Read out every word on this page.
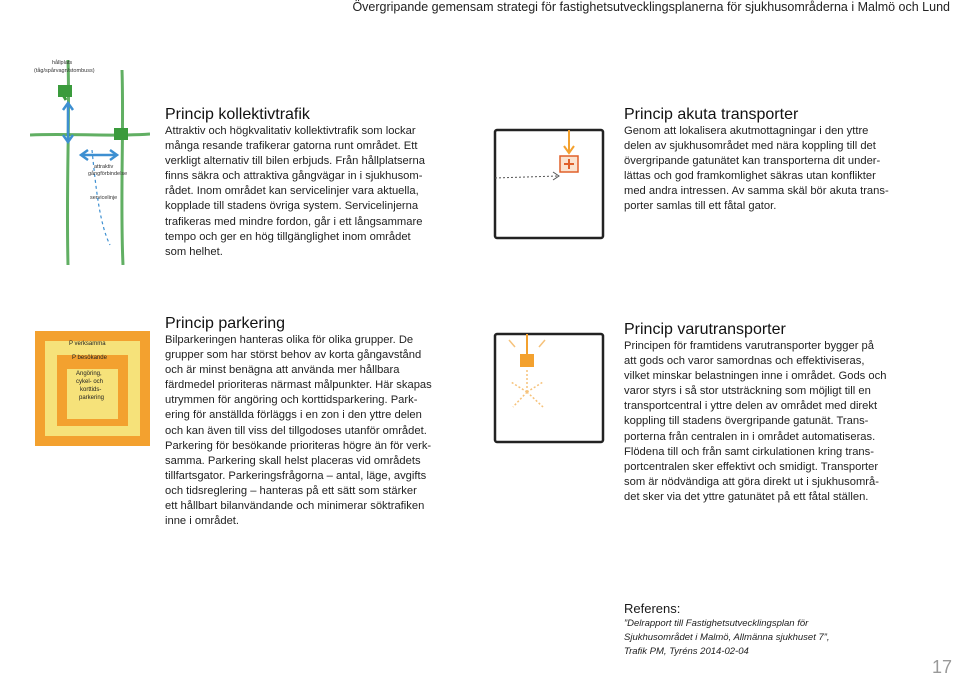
Övergripande gemensam strategi för fastighetsutvecklingsplanerna för sjukhusområderna i Malmö och Lund
hållplats
(tåg/spårvagn/stombuss)
attraktiv
gångförbindelse
servicelinje
Princip kollektivtrafik

Attraktiv och högkvalitativ kollektivtrafik som lockar
många resande trafikerar gatorna runt området. Ett
verkligt alternativ till bilen erbjuds. Från hållplatserna
finns säkra och attraktiva gångvägar in i sjukhusom-
rådet. Inom området kan servicelinjer vara aktuella,
kopplade till stadens övriga system. Servicelinjerna
trafikeras med mindre fordon, går i ett långsammare
tempo och ger en hög tillgänglighet inom området
som helhet.

Princip akuta transporter

Genom att lokalisera akutmottagningar i den yttre
delen av sjukhusområdet med nära koppling till det
övergripande gatunätet kan transporterna dit under-
lättas och god framkomlighet säkras utan konflikter
med andra intressen. Av samma skäl bör akuta trans-
porter samlas till ett fåtal gator.

P verksamma
P besökande
Angöring,
cykel- och
korttids-
parkering
Princip parkering

Bilparkeringen hanteras olika för olika grupper. De
grupper som har störst behov av korta gångavstånd
och är minst benägna att använda mer hållbara
färdmedel prioriteras närmast målpunkter. Här skapas
utrymmen för angöring och korttidsparkering. Park-
ering för anställda förläggs i en zon i den yttre delen
och kan även till viss del tillgodoses utanför området.
Parkering för besökande prioriteras högre än för verk-
samma. Parkering skall helst placeras vid områdets
tillfartsgator. Parkeringsfrågorna – antal, läge, avgifts
och tidsreglering – hanteras på ett sätt som stärker
ett hållbart bilanvändande och minimerar söktrafiken
inne i området.

Princip varutransporter

Principen för framtidens varutransporter bygger på
att gods och varor samordnas och effektiviseras,
vilket minskar belastningen inne i området. Gods och
varor styrs i så stor utsträckning som möjligt till en
transportcentral i yttre delen av området med direkt
koppling till stadens övergripande gatunät. Trans-
porterna från centralen in i området automatiseras.
Flödena till och från samt cirkulationen kring trans-
portcentralen sker effektivt och smidigt. Transporter
som är nödvändiga att göra direkt ut i sjukhusområ-
det sker via det yttre gatunätet på ett fåtal ställen.

Referens:

”Delrapport till Fastighetsutvecklingsplan för
Sjukhusområdet i Malmö, Allmänna sjukhuset 7”,
Trafik PM, Tyréns 2014-02-04

17
